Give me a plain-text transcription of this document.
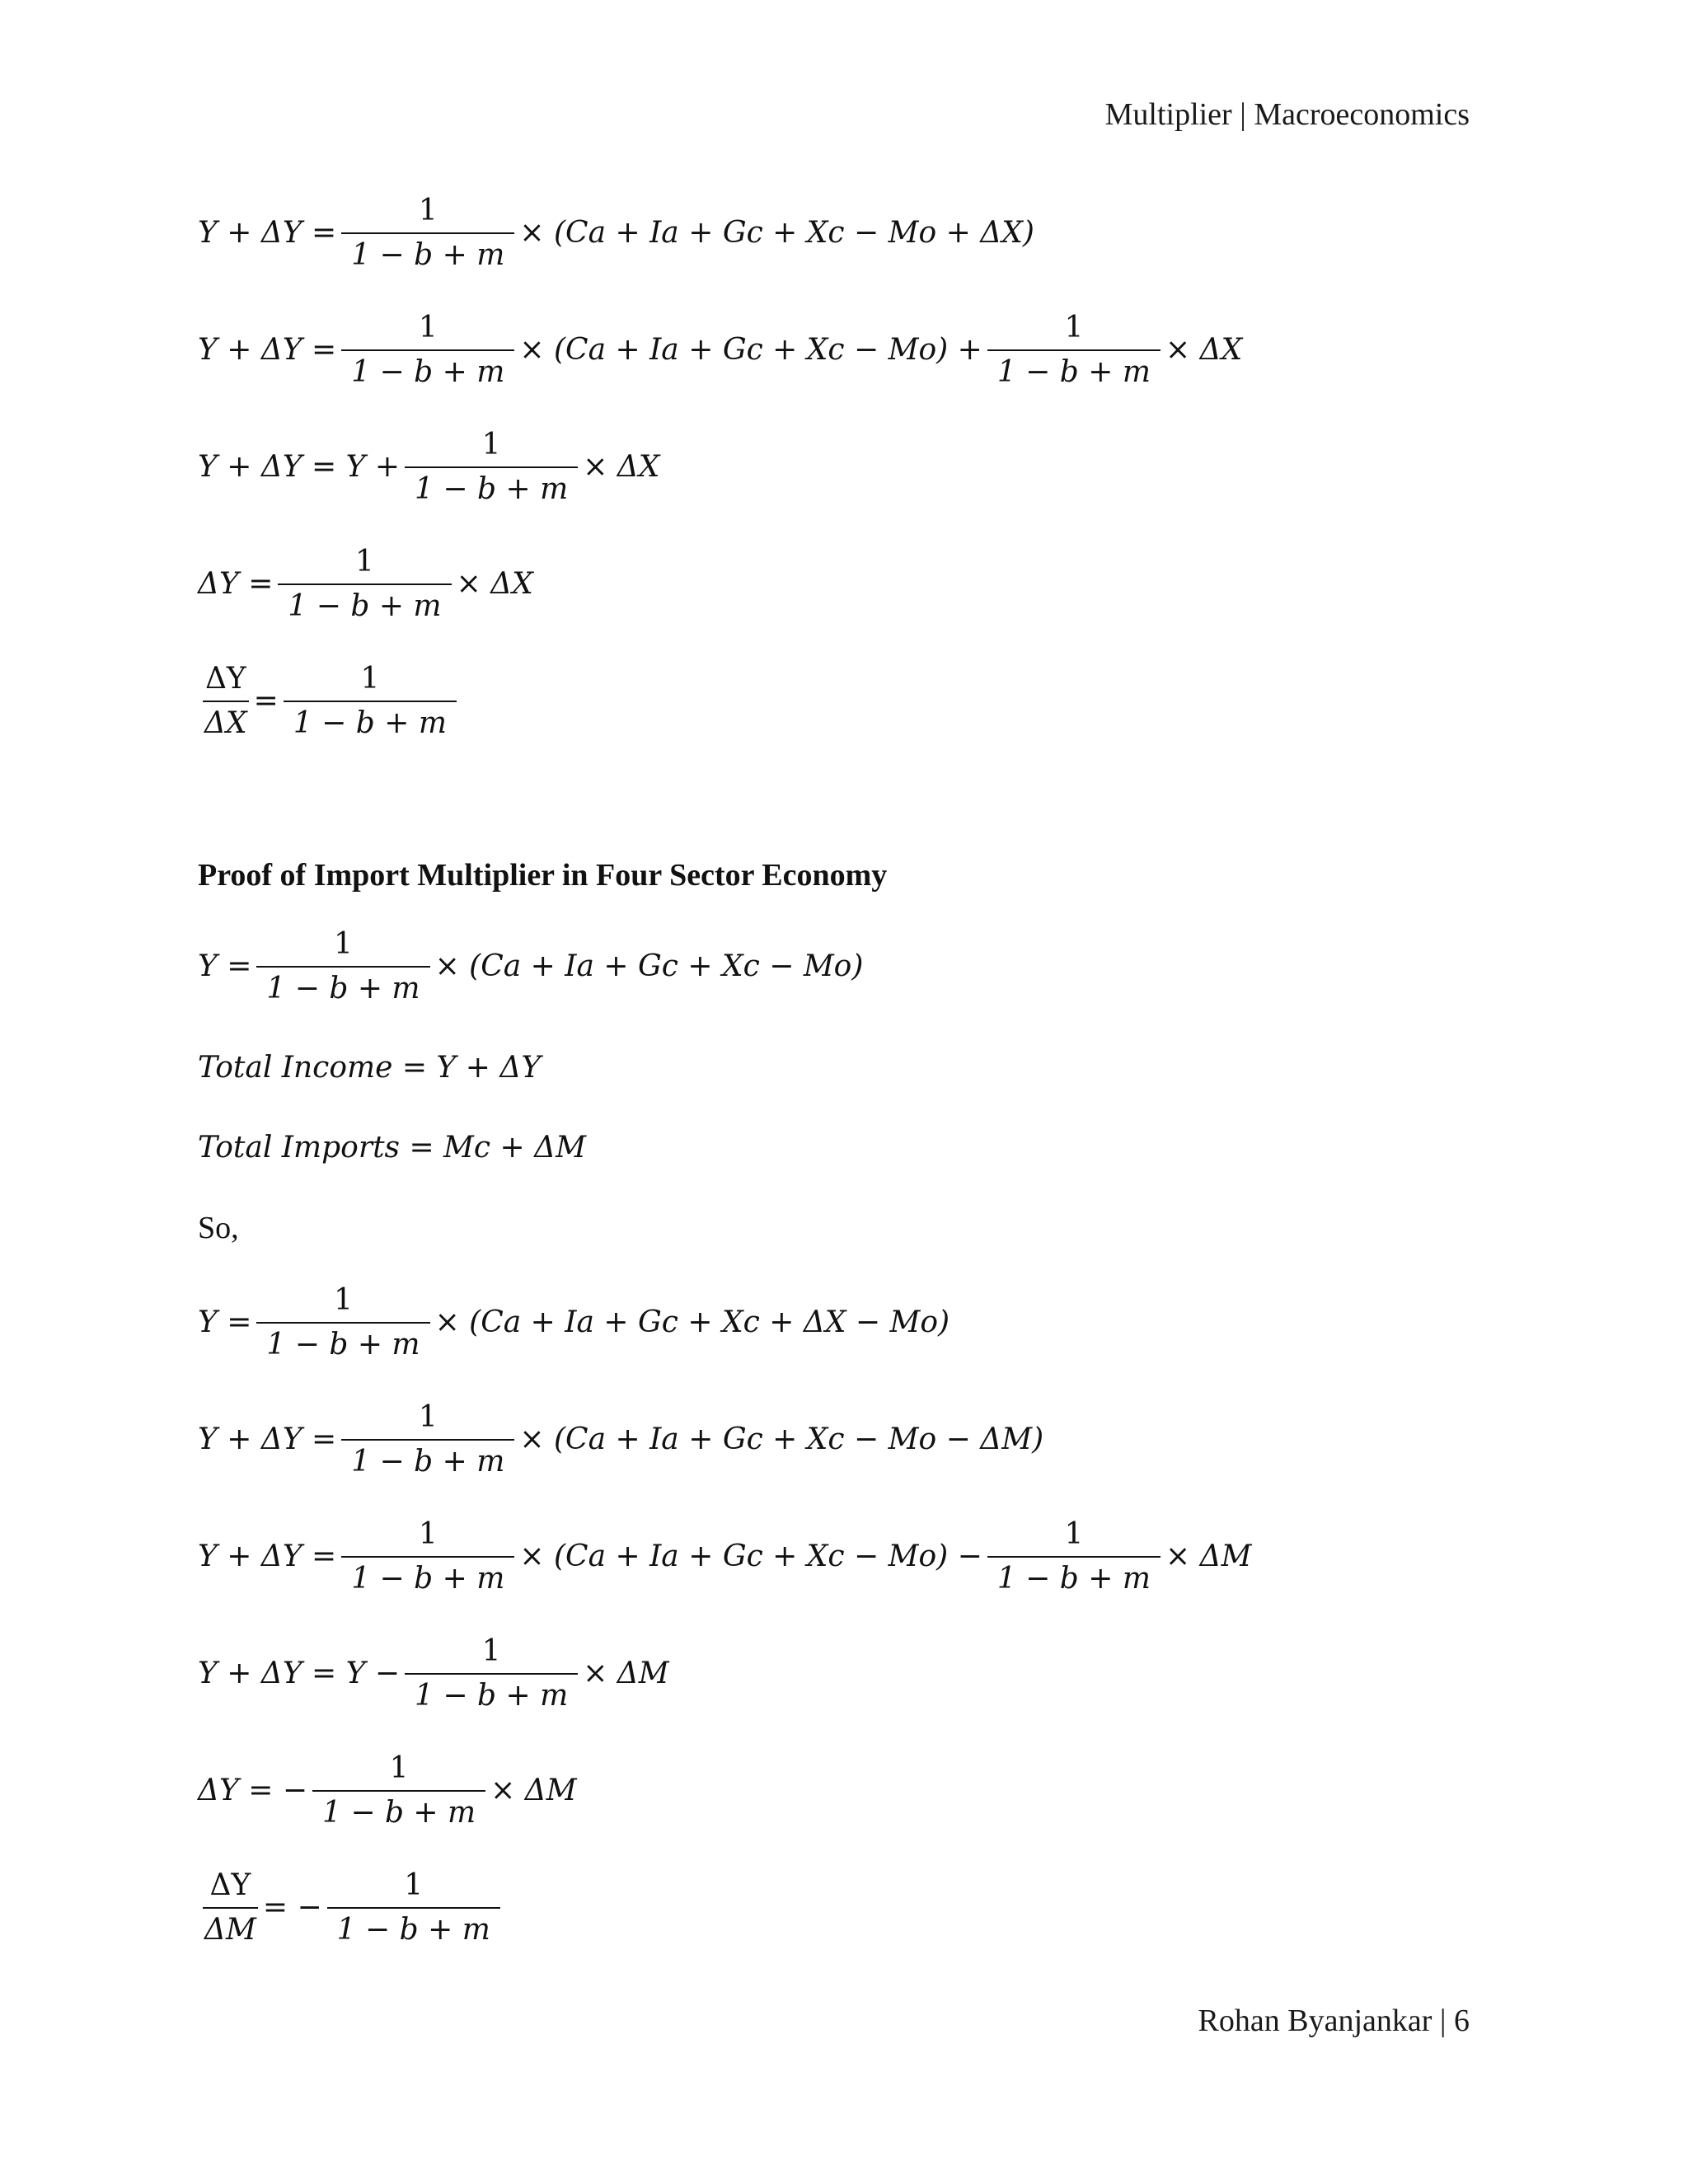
Multiplier | Macroeconomics
$Y + \Delta Y = \frac{1}{1 - b + m} \times (Ca + Ia + Gc + Xc - Mo + \Delta X)$
$Y + \Delta Y = \frac{1}{1 - b + m} \times (Ca + Ia + Gc + Xc - Mo) + \frac{1}{1 - b + m} \times \Delta X$
$Y + \Delta Y = Y + \frac{1}{1 - b + m} \times \Delta X$
$\Delta Y = \frac{1}{1 - b + m} \times \Delta X$
$\frac{\Delta Y}{\Delta X} = \frac{1}{1 - b + m}$
Proof of Import Multiplier in Four Sector Economy
$Y = \frac{1}{1 - b + m} \times (Ca + Ia + Gc + Xc - Mo)$
Total Income = Y + ΔY
Total Imports = Mc + ΔM
So,
$Y = \frac{1}{1 - b + m} \times (Ca + Ia + Gc + Xc + \Delta X - Mo)$
$Y + \Delta Y = \frac{1}{1 - b + m} \times (Ca + Ia + Gc + Xc - Mo - \Delta M)$
$Y + \Delta Y = \frac{1}{1 - b + m} \times (Ca + Ia + Gc + Xc - Mo) - \frac{1}{1 - b + m} \times \Delta M$
$Y + \Delta Y = Y - \frac{1}{1 - b + m} \times \Delta M$
ΔY = − $\frac{1}{1 - b + m} \times \Delta M$
$\frac{\Delta Y}{\Delta M}$ = − $\frac{1}{1 - b + m}$
Rohan Byanjankar | 6
